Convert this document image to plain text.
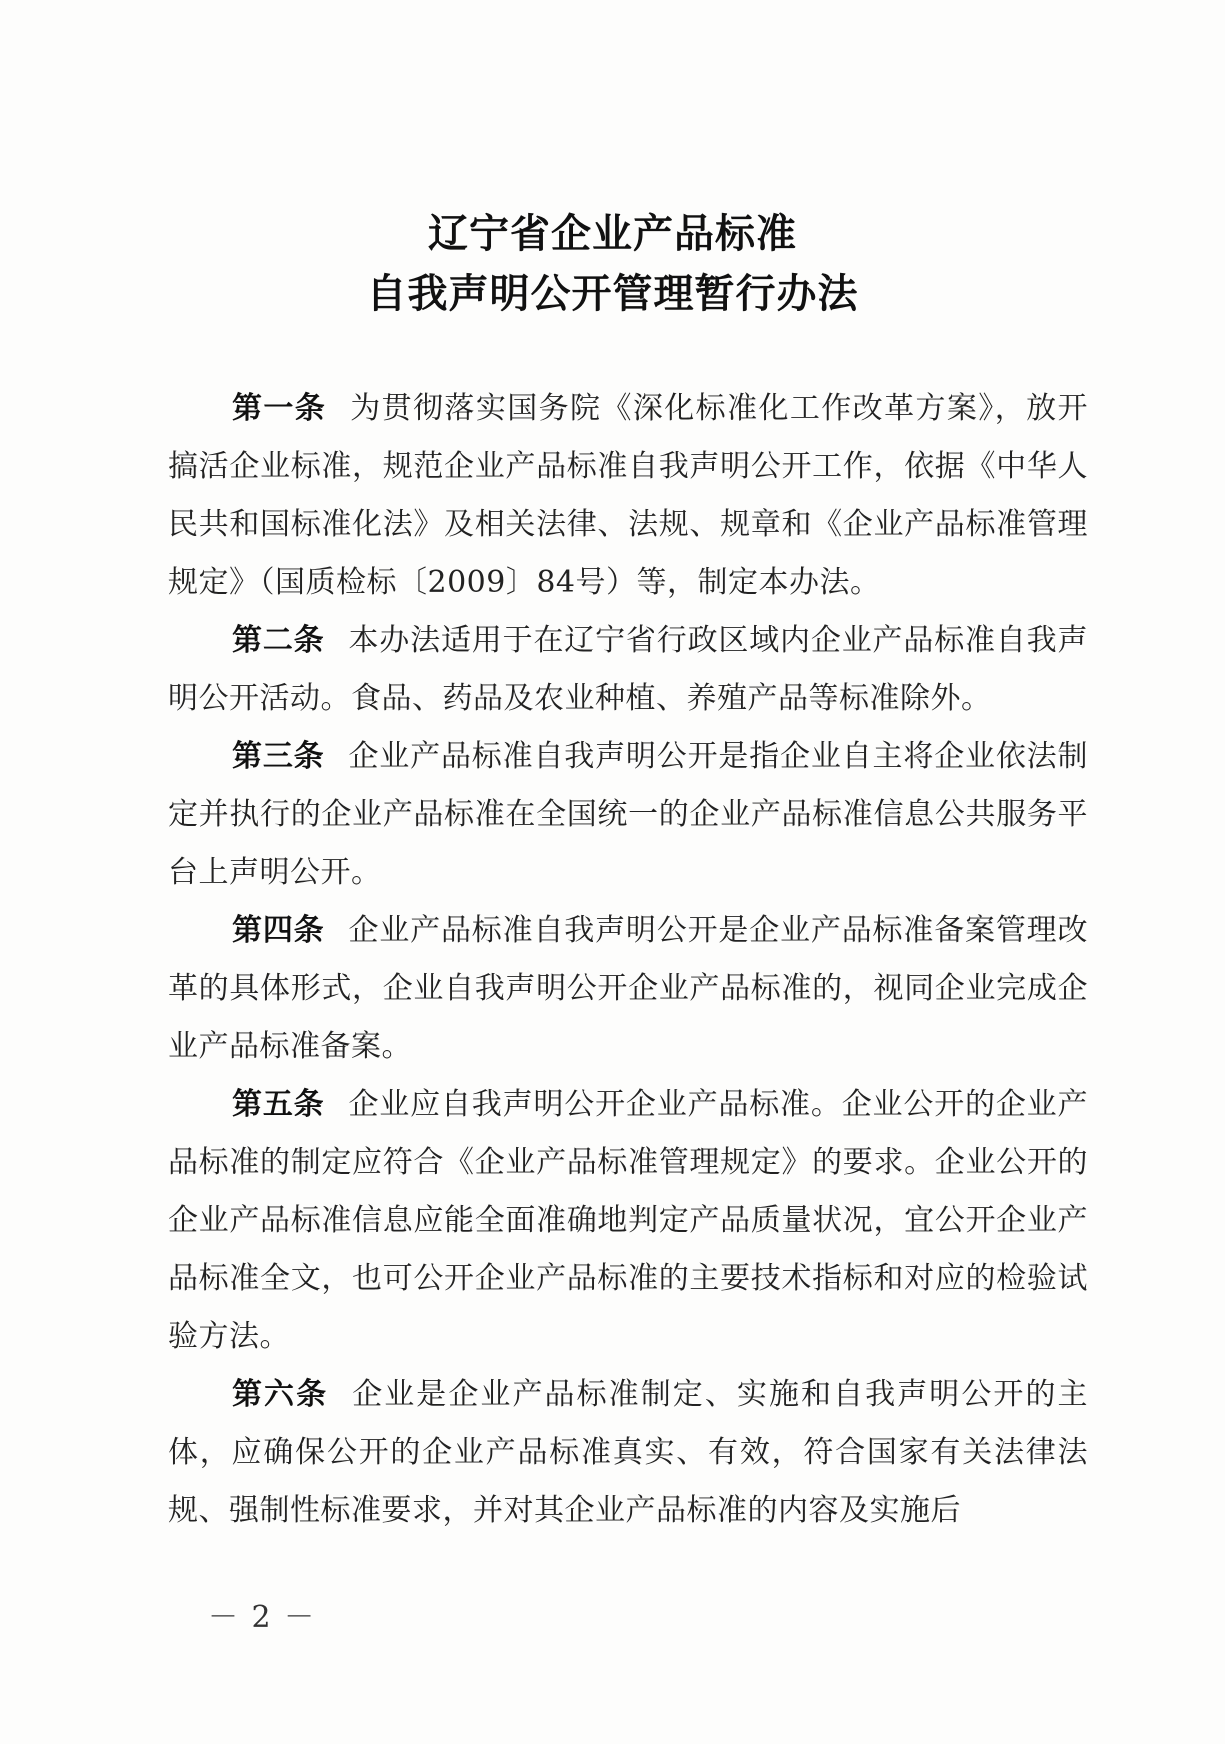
辽宁省企业产品标准
自我声明公开管理暂行办法

第一条 为贯彻落实国务院《深化标准化工作改革方案》，放开搞活企业标准，规范企业产品标准自我声明公开工作，依据《中华人民共和国标准化法》及相关法律、法规、规章和《企业产品标准管理规定》（国质检标〔2009〕84号）等，制定本办法。

第二条 本办法适用于在辽宁省行政区域内企业产品标准自我声明公开活动。食品、药品及农业种植、养殖产品等标准除外。

第三条 企业产品标准自我声明公开是指企业自主将企业依法制定并执行的企业产品标准在全国统一的企业产品标准信息公共服务平台上声明公开。

第四条 企业产品标准自我声明公开是企业产品标准备案管理改革的具体形式，企业自我声明公开企业产品标准的，视同企业完成企业产品标准备案。

第五条 企业应自我声明公开企业产品标准。企业公开的企业产品标准的制定应符合《企业产品标准管理规定》的要求。企业公开的企业产品标准信息应能全面准确地判定产品质量状况，宜公开企业产品标准全文，也可公开企业产品标准的主要技术指标和对应的检验试验方法。

第六条 企业是企业产品标准制定、实施和自我声明公开的主体，应确保公开的企业产品标准真实、有效，符合国家有关法律法规、强制性标准要求，并对其企业产品标准的内容及实施后

－ 2 －
